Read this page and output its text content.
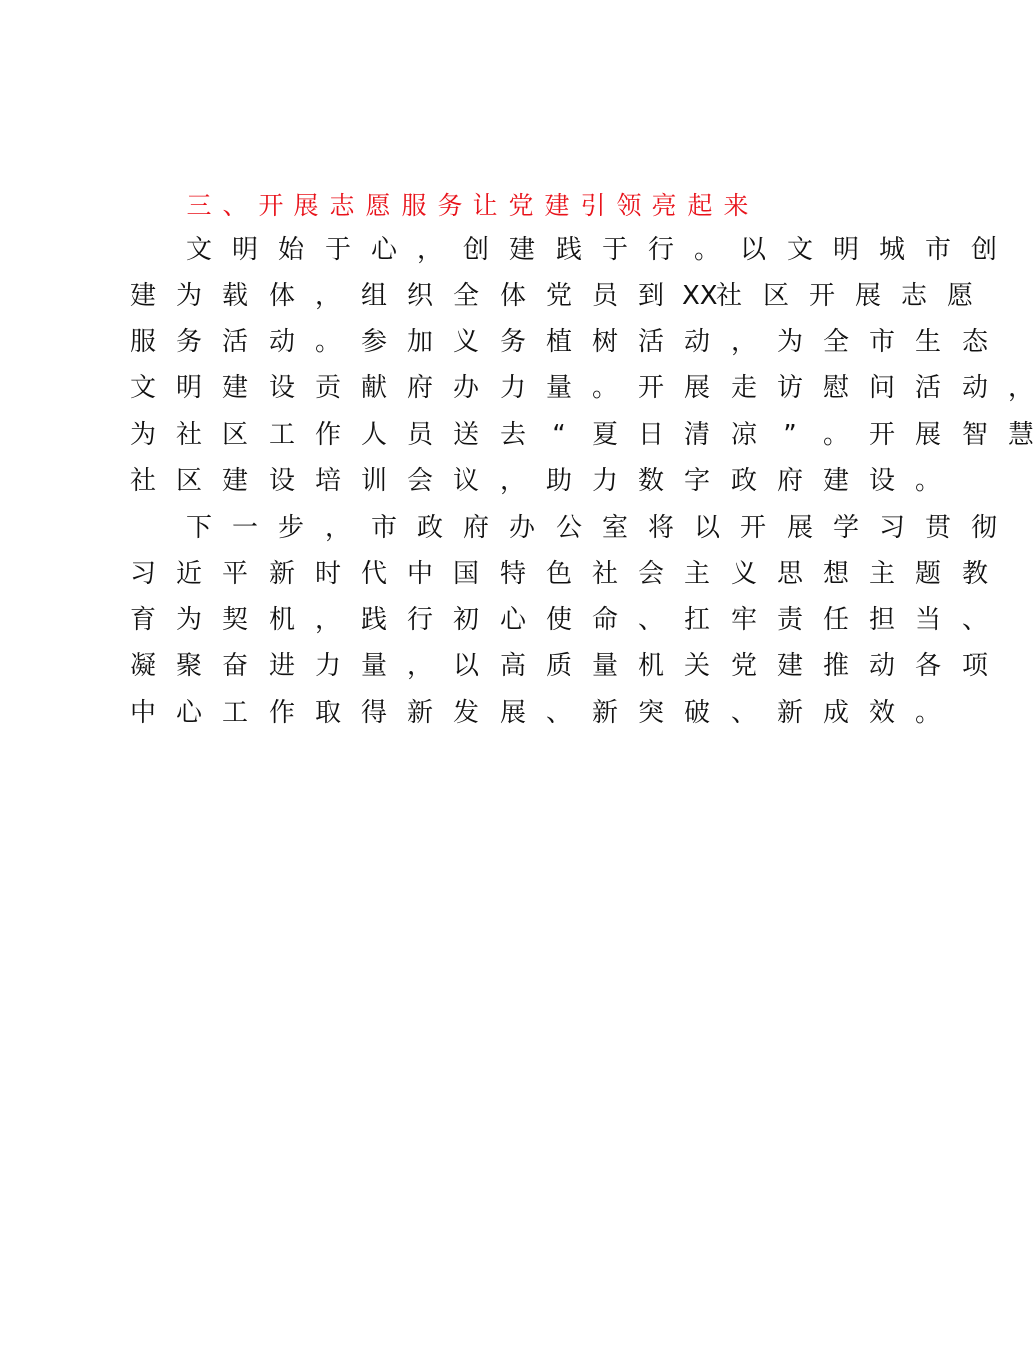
三 、 开 展 志 愿 服 务 让 党 建 引 领 亮 起 来
文 明 始 于 心 ， 创 建 践 于 行 。 以 文 明 城 市 创
建 为 载 体 ， 组 织 全 体 党 员 到 XX
社 区 开 展 志 愿
服 务 活 动 。 参 加 义 务 植 树 活 动 ， 为 全 市 生 态
文 明 建 设 贡 献 府 办 力 量 。 开 展 走 访 慰 问 活 动 ，
为 社 区 工 作 人 员 送 去	“	夏 日 清 凉	”	。 开 展 智 慧
社 区 建 设 培 训 会 议 ， 助 力 数 字 政 府 建 设 。
下 一 步 ， 市 政 府 办 公 室 将 以 开 展 学 习 贯 彻
习 近 平 新 时 代 中 国 特 色 社 会 主 义 思 想 主 题 教
育 为 契 机 ， 践 行 初 心 使 命 、 扛 牢 责 任 担 当 、
凝 聚 奋 进 力 量 ， 以 高 质 量 机 关 党 建 推 动 各 项
中 心 工 作 取 得 新 发 展 、 新 突 破 、 新 成 效 。
